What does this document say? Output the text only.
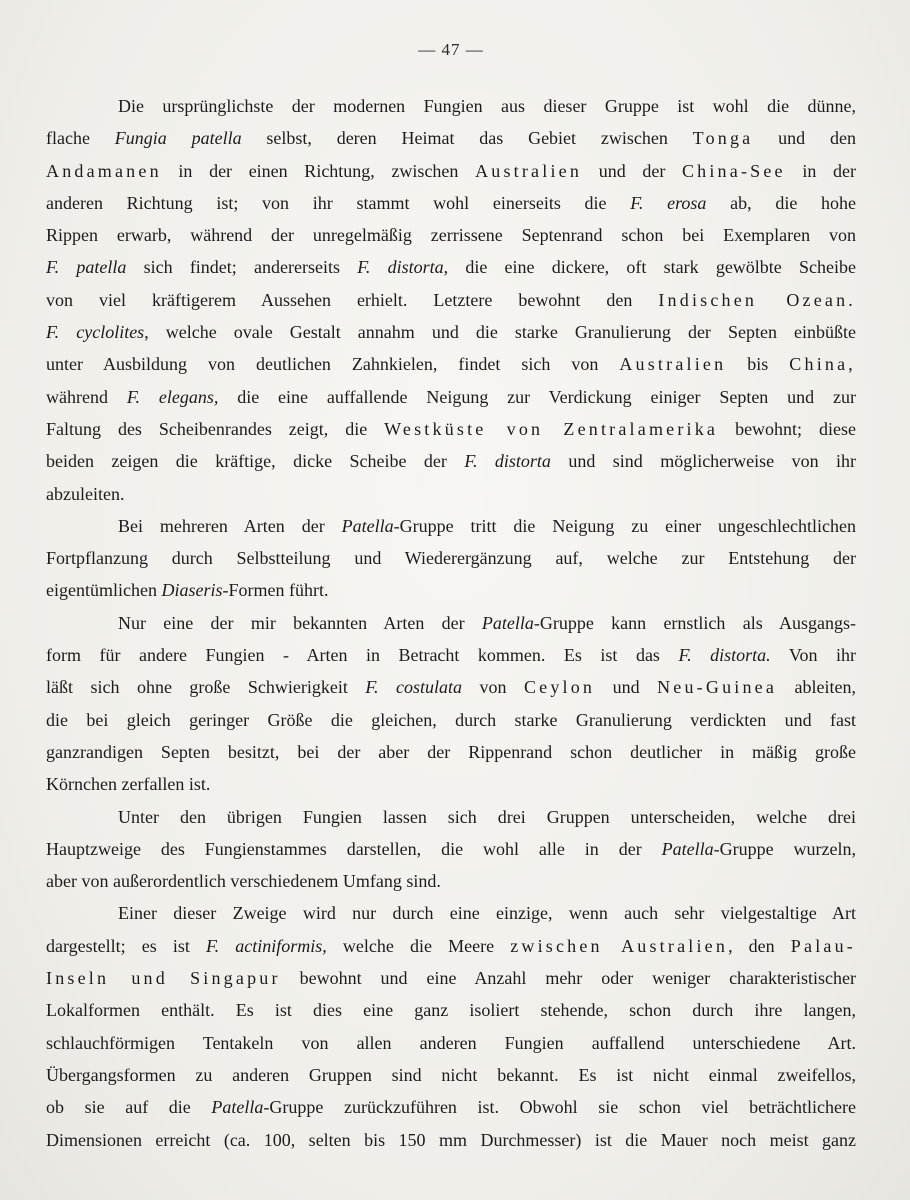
— 47 —
Die ursprünglichste der modernen Fungien aus dieser Gruppe ist wohl die dünne,
flache Fungia patella selbst, deren Heimat das Gebiet zwischen Tonga und den
Andamanen in der einen Richtung, zwischen Australien und der China-See in der
anderen Richtung ist; von ihr stammt wohl einerseits die F. erosa ab, die hohe
Rippen erwarb, während der unregelmäßig zerrissene Septenrand schon bei Exemplaren von
F. patella sich findet; andererseits F. distorta, die eine dickere, oft stark gewölbte Scheibe
von viel kräftigerem Aussehen erhielt. Letztere bewohnt den Indischen Ozean.
F. cyclolites, welche ovale Gestalt annahm und die starke Granulierung der Septen einbüßte
unter Ausbildung von deutlichen Zahnkielen, findet sich von Australien bis China,
während F. elegans, die eine auffallende Neigung zur Verdickung einiger Septen und zur
Faltung des Scheibenrandes zeigt, die Westküste von Zentralamerika bewohnt; diese
beiden zeigen die kräftige, dicke Scheibe der F. distorta und sind möglicherweise von ihr
abzuleiten.
Bei mehreren Arten der Patella-Gruppe tritt die Neigung zu einer ungeschlechtlichen
Fortpflanzung durch Selbstteilung und Wiederergänzung auf, welche zur Entstehung der
eigentümlichen Diaseris-Formen führt.
Nur eine der mir bekannten Arten der Patella-Gruppe kann ernstlich als Ausgangs-
form für andere Fungien - Arten in Betracht kommen. Es ist das F. distorta. Von ihr
läßt sich ohne große Schwierigkeit F. costulata von Ceylon und Neu-Guinea ableiten,
die bei gleich geringer Größe die gleichen, durch starke Granulierung verdickten und fast
ganzrandigen Septen besitzt, bei der aber der Rippenrand schon deutlicher in mäßig große
Körnchen zerfallen ist.
Unter den übrigen Fungien lassen sich drei Gruppen unterscheiden, welche drei
Hauptzweige des Fungienstammes darstellen, die wohl alle in der Patella-Gruppe wurzeln,
aber von außerordentlich verschiedenem Umfang sind.
Einer dieser Zweige wird nur durch eine einzige, wenn auch sehr vielgestaltige Art
dargestellt; es ist F. actiniformis, welche die Meere zwischen Australien, den Palau-
Inseln und Singapur bewohnt und eine Anzahl mehr oder weniger charakteristischer
Lokalformen enthält. Es ist dies eine ganz isoliert stehende, schon durch ihre langen,
schlauchförmigen Tentakeln von allen anderen Fungien auffallend unterschiedene Art.
Übergangsformen zu anderen Gruppen sind nicht bekannt. Es ist nicht einmal zweifellos,
ob sie auf die Patella-Gruppe zurückzuführen ist. Obwohl sie schon viel beträchtlichere
Dimensionen erreicht (ca. 100, selten bis 150 mm Durchmesser) ist die Mauer noch meist ganz
